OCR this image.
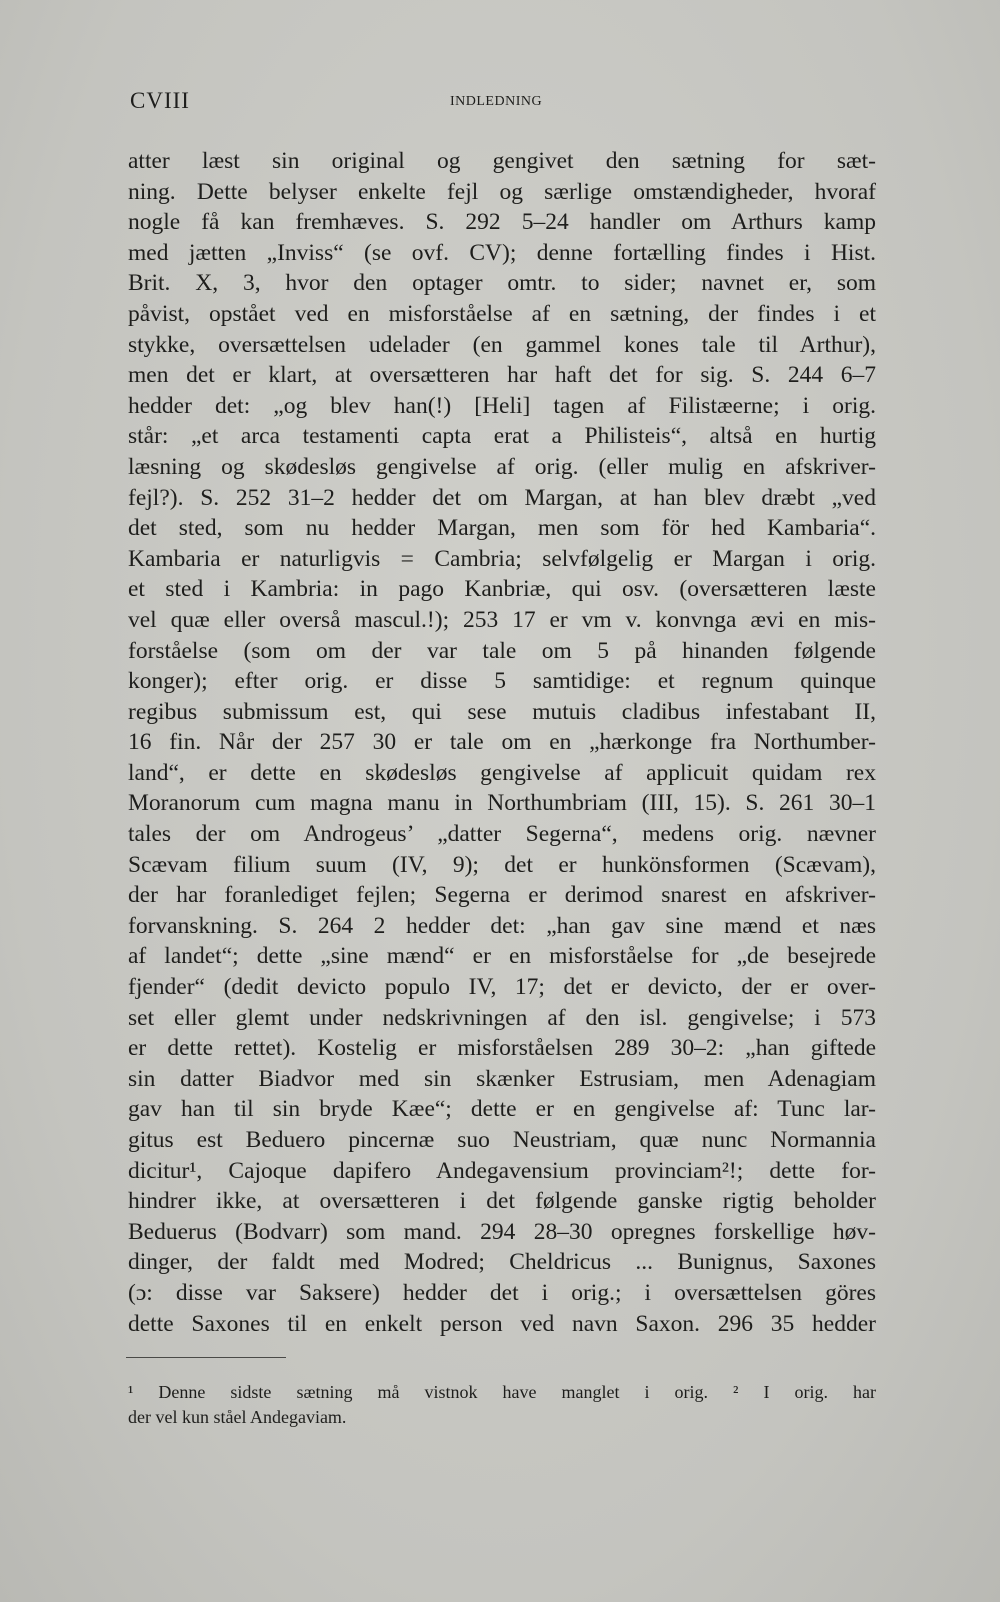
CVIII	INDLEDNING
atter læst sin original og gengivet den sætning for sæt-
ning. Dette belyser enkelte fejl og særlige omstændigheder, hvoraf
nogle få kan fremhæves. S. 292 5–24 handler om Arthurs kamp
med jætten „Inviss“ (se ovf. CV); denne fortælling findes i Hist.
Brit. X, 3, hvor den optager omtr. to sider; navnet er, som
påvist, opstået ved en misforståelse af en sætning, der findes i et
stykke, oversættelsen udelader (en gammel kones tale til Arthur),
men det er klart, at oversætteren har haft det for sig. S. 244 6–7
hedder det: „og blev han(!) [Heli] tagen af Filistæerne; i orig.
står: „et arca testamenti capta erat a Philisteis“, altså en hurtig
læsning og skødesløs gengivelse af orig. (eller mulig en afskriver-
fejl?). S. 252 31–2 hedder det om Margan, at han blev dræbt „ved
det sted, som nu hedder Margan, men som för hed Kambaria“.
Kambaria er naturligvis = Cambria; selvfølgelig er Margan i orig.
et sted i Kambria: in pago Kanbriæ, qui osv. (oversætteren læste
vel quæ eller overså mascul.!); 253 17 er vm v. konvnga ævi en mis-
forståelse (som om der var tale om 5 på hinanden følgende
konger); efter orig. er disse 5 samtidige: et regnum quinque
regibus submissum est, qui sese mutuis cladibus infestabant II,
16 fin. Når der 257 30 er tale om en „hærkonge fra Northumber-
land“, er dette en skødesløs gengivelse af applicuit quidam rex
Moranorum cum magna manu in Northumbriam (III, 15). S. 261 30–1
tales der om Androgeus’ „datter Segerna“, medens orig. nævner
Scævam filium suum (IV, 9); det er hunkönsformen (Scævam),
der har foranlediget fejlen; Segerna er derimod snarest en afskriver-
forvanskning. S. 264 2 hedder det: „han gav sine mænd et næs
af landet“; dette „sine mænd“ er en misforståelse for „de besejrede
fjender“ (dedit devicto populo IV, 17; det er devicto, der er over-
set eller glemt under nedskrivningen af den isl. gengivelse; i 573
er dette rettet). Kostelig er misforståelsen 289 30–2: „han giftede
sin datter Biadvor med sin skænker Estrusiam, men Adenagiam
gav han til sin bryde Kæe“; dette er en gengivelse af: Tunc lar-
gitus est Beduero pincernæ suo Neustriam, quæ nunc Normannia
dicitur¹, Cajoque dapifero Andegavensium provinciam²!; dette for-
hindrer ikke, at oversætteren i det følgende ganske rigtig beholder
Beduerus (Bodvarr) som mand. 294 28–30 opregnes forskellige høv-
dinger, der faldt med Modred; Cheldricus ... Bunignus, Saxones
(ɔ: disse var Saksere) hedder det i orig.; i oversættelsen göres
dette Saxones til en enkelt person ved navn Saxon. 296 35 hedder
¹ Denne sidste sætning må vistnok have manglet i orig. ² I orig. har
der vel kun ståel Andegaviam.
